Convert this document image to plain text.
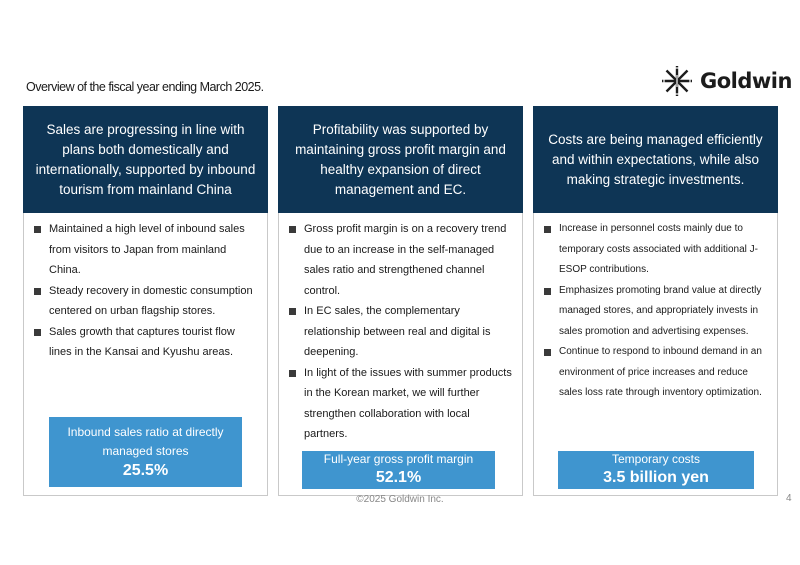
Overview of the fiscal year ending March 2025.	Goldwin
Sales are progressing in line with plans both domestically and internationally, supported by inbound tourism from mainland China
Maintained a high level of inbound sales from visitors to Japan from mainland China.
Steady recovery in domestic consumption centered on urban flagship stores.
Sales growth that captures tourist flow lines in the Kansai and Kyushu areas.
Inbound sales ratio at directly managed stores
25.5%
Profitability was supported by maintaining gross profit margin and healthy expansion of direct management and EC.
Gross profit margin is on a recovery trend due to an increase in the self-managed sales ratio and strengthened channel control.
In EC sales, the complementary relationship between real and digital is deepening.
In light of the issues with summer products in the Korean market, we will further strengthen collaboration with local partners.
Full-year gross profit margin
52.1%
Costs are being managed efficiently and within expectations, while also making strategic investments.
Increase in personnel costs mainly due to temporary costs associated with additional J-ESOP contributions.
Emphasizes promoting brand value at directly managed stores, and appropriately invests in sales promotion and advertising expenses.
Continue to respond to inbound demand in an environment of price increases and reduce sales loss rate through inventory optimization.
Temporary costs
3.5 billion yen
©2025 Goldwin Inc.	4
